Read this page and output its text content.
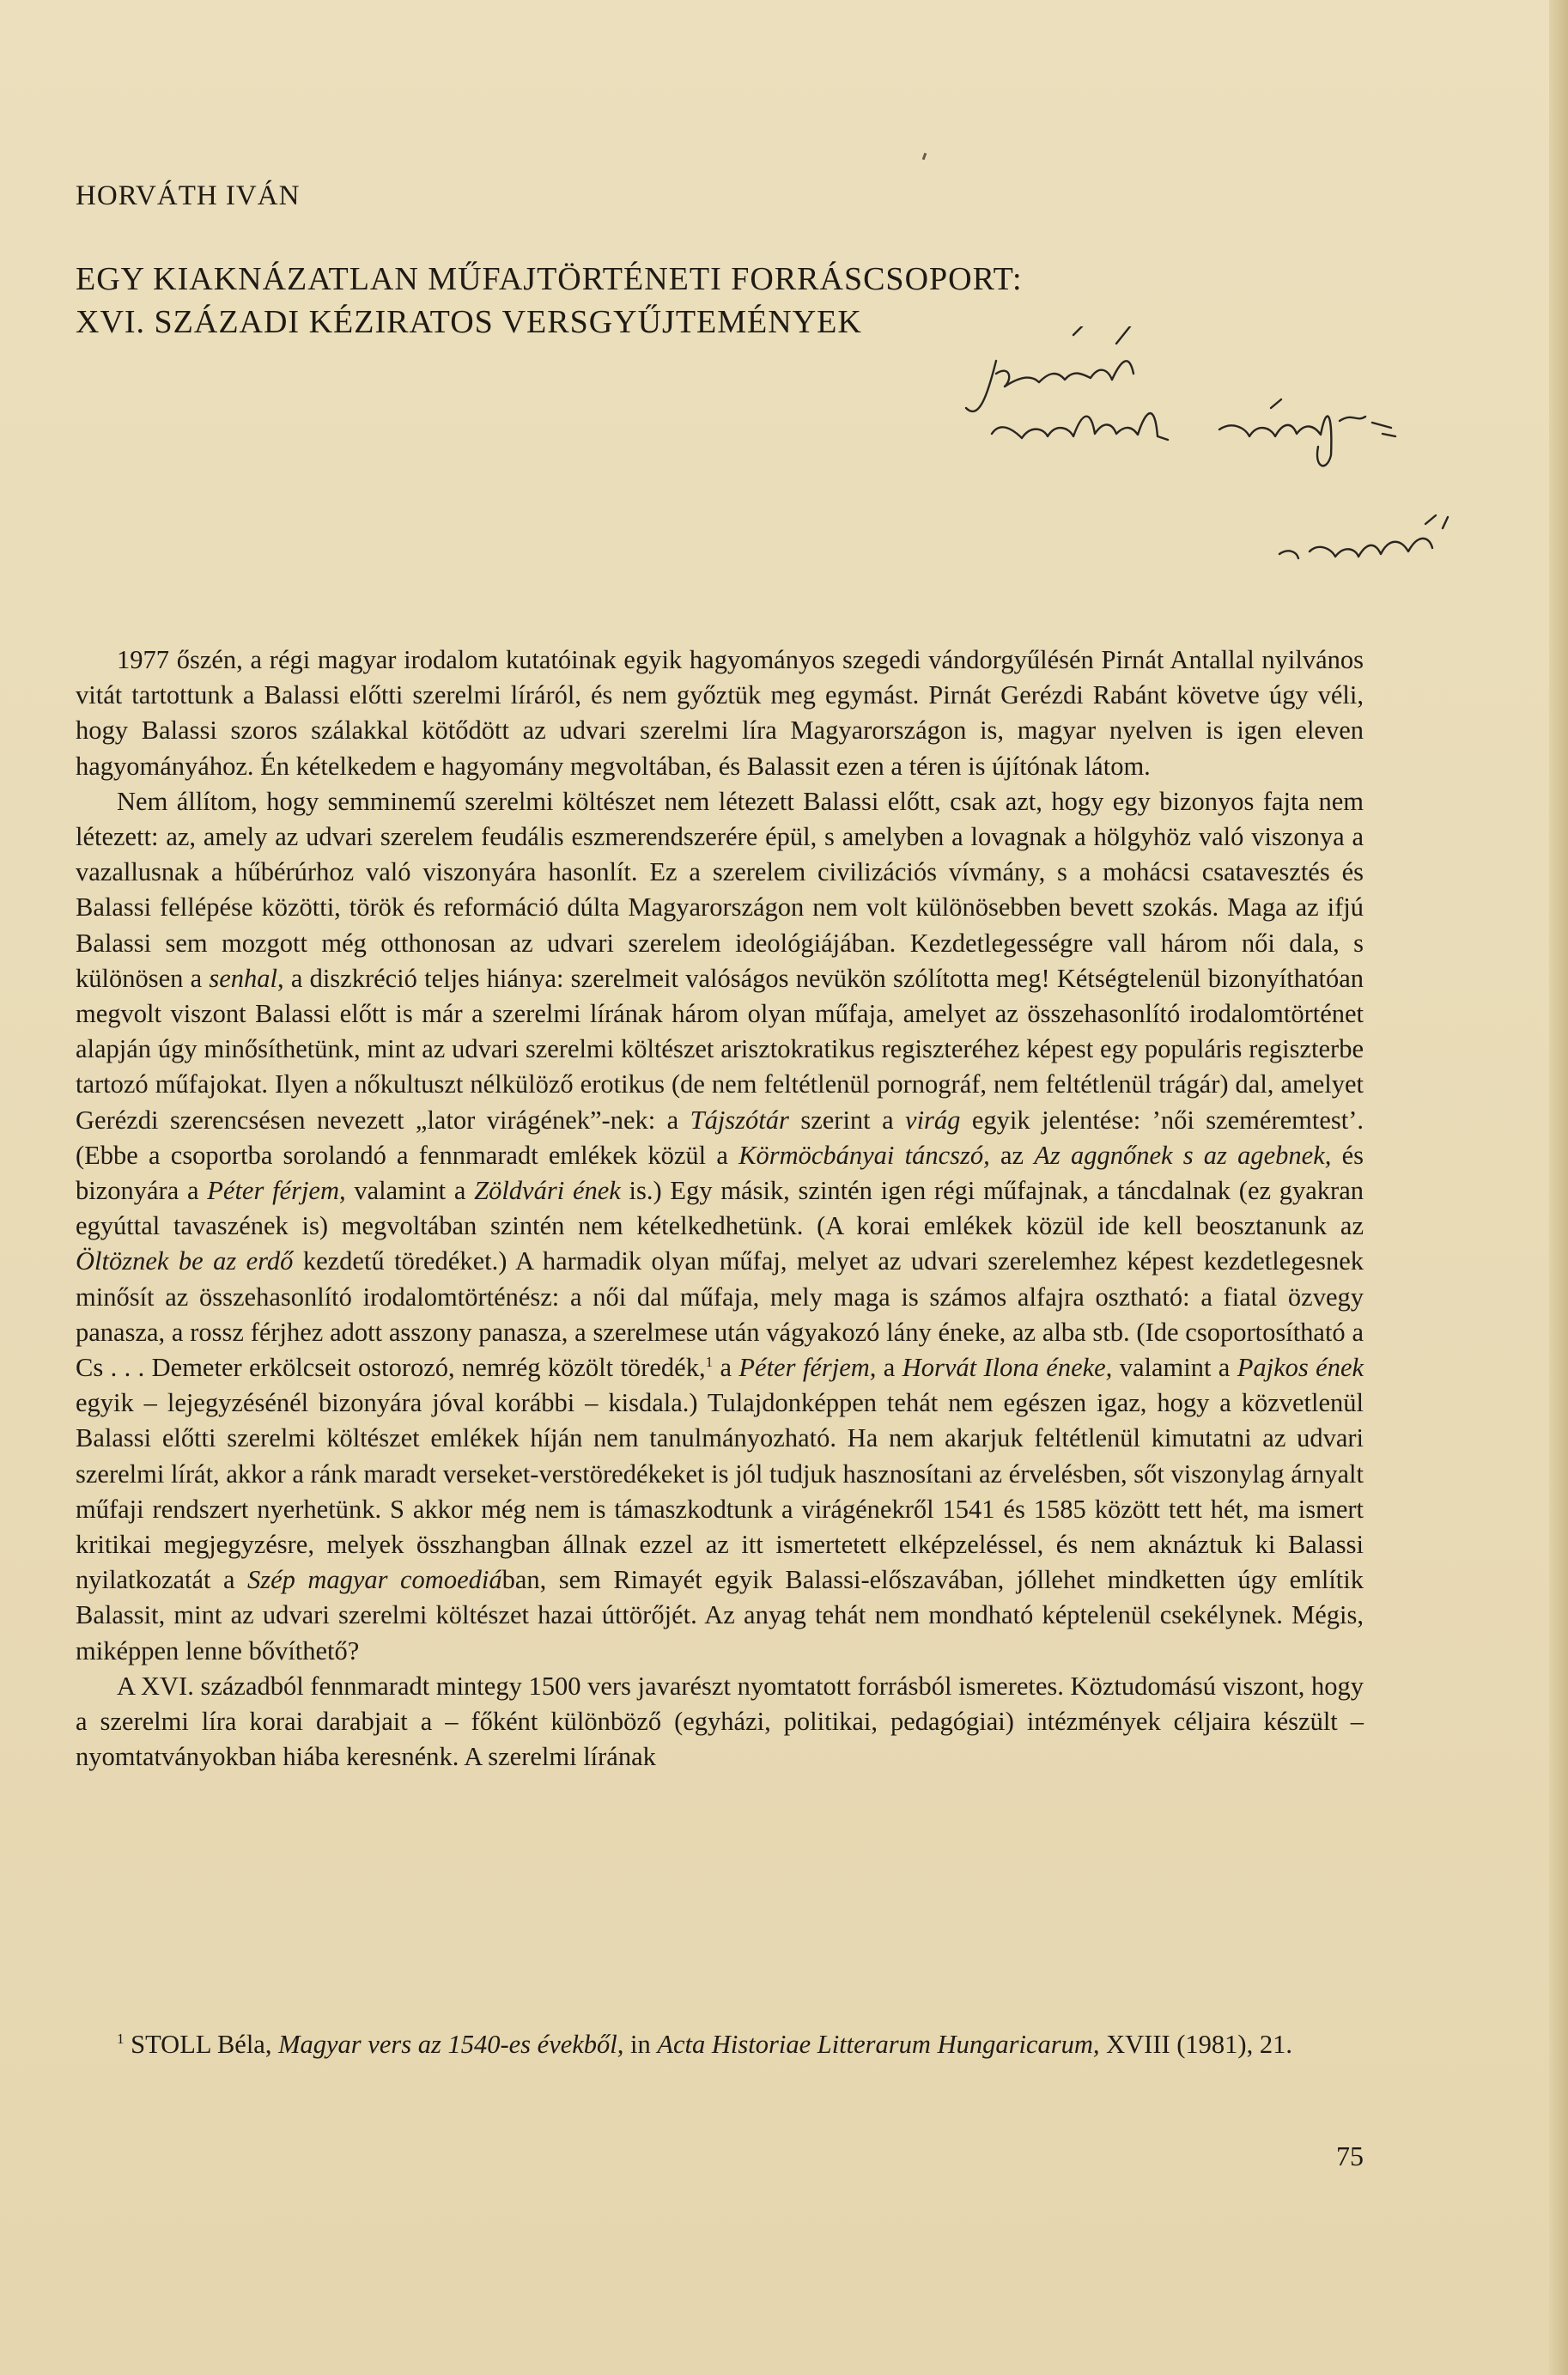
HORVÁTH IVÁN
EGY KIAKNÁZATLAN MŰFAJTÖRTÉNETI FORRÁSCSOPORT:
XVI. SZÁZADI KÉZIRATOS VERSGYŰJTEMÉNYEK

1977 őszén, a régi magyar irodalom kutatóinak egyik hagyományos szegedi vándorgyűlésén Pirnát Antallal nyilvános vitát tartottunk a Balassi előtti szerelmi líráról, és nem győztük meg egymást. Pirnát Gerézdi Rabánt követve úgy véli, hogy Balassi szoros szálakkal kötődött az udvari szerelmi líra Magyarországon is, magyar nyelven is igen eleven hagyományához. Én kételkedem e hagyomány megvoltában, és Balassit ezen a téren is újítónak látom.

Nem állítom, hogy semminemű szerelmi költészet nem létezett Balassi előtt, csak azt, hogy egy bizonyos fajta nem létezett: az, amely az udvari szerelem feudális eszmerendszerére épül, s amelyben a lovagnak a hölgyhöz való viszonya a vazallusnak a hűbérúrhoz való viszonyára hasonlít. Ez a szerelem civilizációs vívmány, s a mohácsi csatavesztés és Balassi fellépése közötti, török és reformáció dúlta Magyarországon nem volt különösebben bevett szokás. Maga az ifjú Balassi sem mozgott még otthonosan az udvari szerelem ideológiájában. Kezdetlegességre vall három női dala, s különösen a senhal, a diszkréció teljes hiánya: szerelmeit valóságos nevükön szólította meg! Kétségtelenül bizonyíthatóan megvolt viszont Balassi előtt is már a szerelmi lírának három olyan műfaja, amelyet az összehasonlító irodalomtörténet alapján úgy minősíthetünk, mint az udvari szerelmi költészet arisztokratikus regiszteréhez képest egy populáris regiszterbe tartozó műfajokat. Ilyen a nőkultuszt nélkülöző erotikus (de nem feltétlenül pornográf, nem feltétlenül trágár) dal, amelyet Gerézdi szerencsésen nevezett „lator virágének”-nek: a Tájszótár szerint a virág egyik jelentése: ’női szeméremtest’. (Ebbe a csoportba sorolandó a fennmaradt emlékek közül a Körmöcbányai táncszó, az Az aggnőnek s az agebnek, és bizonyára a Péter férjem, valamint a Zöldvári ének is.) Egy másik, szintén igen régi műfajnak, a táncdalnak (ez gyakran egyúttal tavaszének is) megvoltában szintén nem kételkedhetünk. (A korai emlékek közül ide kell beosztanunk az Öltöznek be az erdő kezdetű töredéket.) A harmadik olyan műfaj, melyet az udvari szerelemhez képest kezdetlegesnek minősít az összehasonlító irodalomtörténész: a női dal műfaja, mely maga is számos alfajra osztható: a fiatal özvegy panasza, a rossz férjhez adott asszony panasza, a szerelmese után vágyakozó lány éneke, az alba stb. (Ide csoportosítható a Cs . . . Demeter erkölcseit ostorozó, nemrég közölt töredék,$^1$ a Péter férjem, a Horvát Ilona éneke, valamint a Pajkos ének egyik – lejegyzésénél bizonyára jóval korábbi – kisdala.) Tulajdonképpen tehát nem egészen igaz, hogy a közvetlenül Balassi előtti szerelmi költészet emlékek híján nem tanulmányozható. Ha nem akarjuk feltétlenül kimutatni az udvari szerelmi lírát, akkor a ránk maradt verseket-verstöredékeket is jól tudjuk hasznosítani az érvelésben, sőt viszonylag árnyalt műfaji rendszert nyerhetünk. S akkor még nem is támaszkodtunk a virágénekről 1541 és 1585 között tett hét, ma ismert kritikai megjegyzésre, melyek összhangban állnak ezzel az itt ismertetett elképzeléssel, és nem aknáztuk ki Balassi nyilatkozatát a Szép magyar comoediában, sem Rimayét egyik Balassi-előszavában, jóllehet mindketten úgy említik Balassit, mint az udvari szerelmi költészet hazai úttörőjét. Az anyag tehát nem mondható képtelenül csekélynek. Mégis, miképpen lenne bővíthető?

A XVI. századból fennmaradt mintegy 1500 vers javarészt nyomtatott forrásból ismeretes. Köztudomású viszont, hogy a szerelmi líra korai darabjait a – főként különböző (egyházi, politikai, pedagógiai) intézmények céljaira készült – nyomtatványokban hiába keresnénk. A szerelmi lírának

$^1$ STOLL Béla, Magyar vers az 1540-es évekből, in Acta Historiae Litterarum Hungaricarum, XVIII (1981), 21.
75
